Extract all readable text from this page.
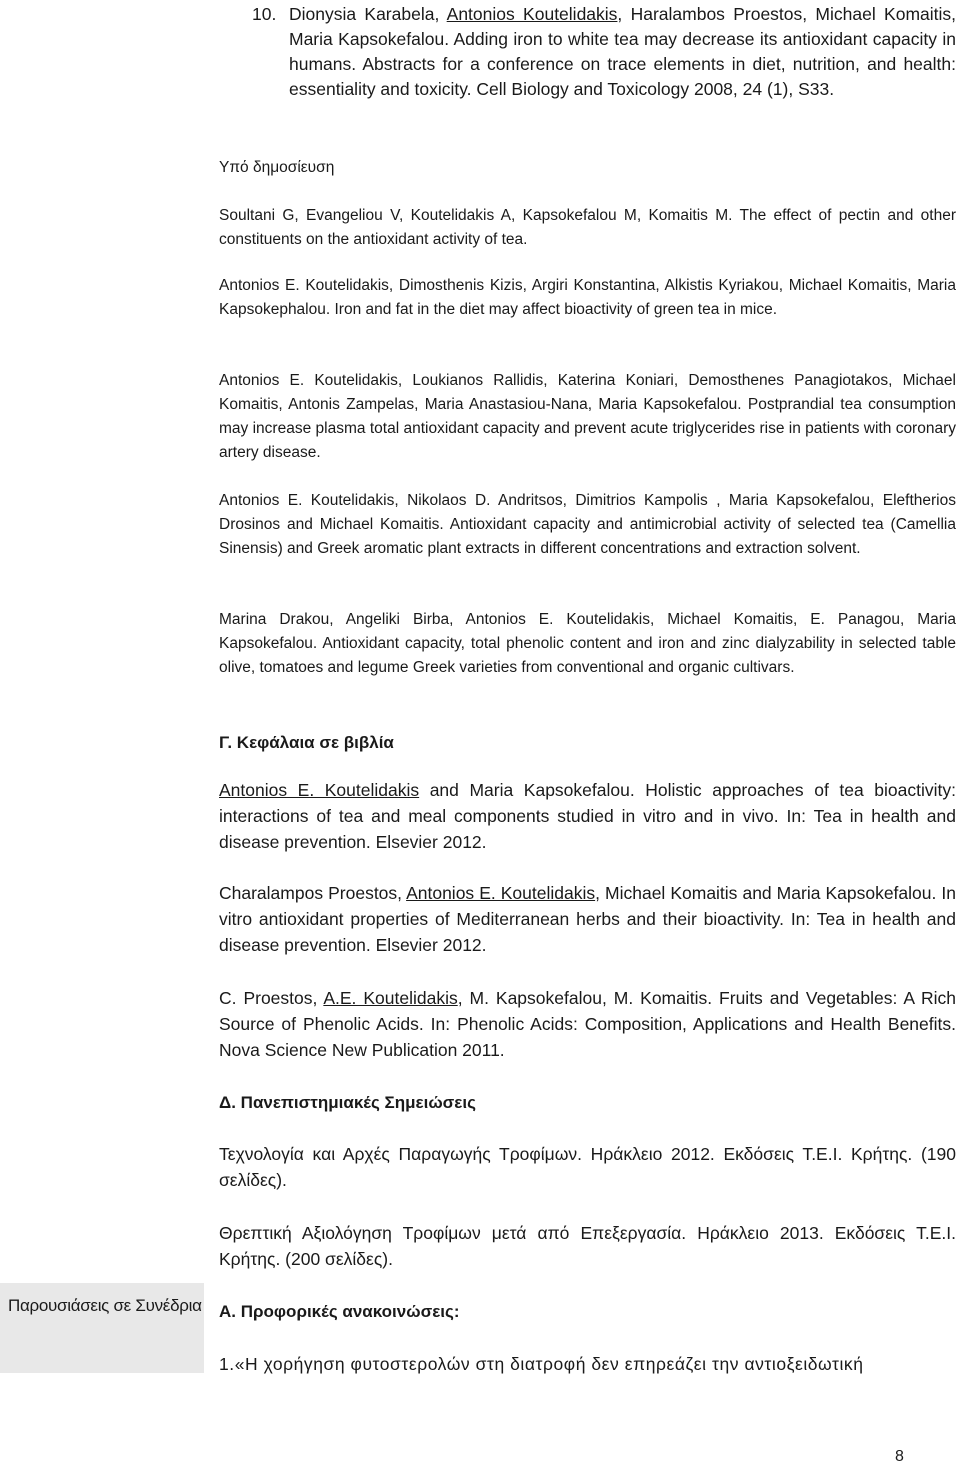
10. Dionysia Karabela, Antonios Koutelidakis, Haralambos Proestos, Michael Komaitis, Maria Kapsokefalou. Adding iron to white tea may decrease its antioxidant capacity in humans. Abstracts for a conference on trace elements in diet, nutrition, and health: essentiality and toxicity. Cell Biology and Toxicology 2008, 24 (1), S33.
Υπό δημοσίευση
Soultani G, Evangeliou V, Koutelidakis A, Kapsokefalou M, Komaitis M. The effect of pectin and other constituents on the antioxidant activity of tea.
Antonios E. Koutelidakis, Dimosthenis Kizis, Argiri Konstantina, Alkistis Kyriakou, Michael Komaitis, Maria Kapsokephalou. Iron and fat in the diet may affect bioactivity of green tea in mice.
Antonios E. Koutelidakis, Loukianos Rallidis, Katerina Koniari, Demosthenes Panagiotakos, Michael Komaitis, Antonis Zampelas, Maria Anastasiou-Nana, Maria Kapsokefalou. Postprandial tea consumption may increase plasma total antioxidant capacity and prevent acute triglycerides rise in patients with coronary artery disease.
Antonios E. Koutelidakis, Nikolaos D. Andritsos, Dimitrios Kampolis , Maria Kapsokefalou, Eleftherios Drosinos and Michael Komaitis. Antioxidant capacity and antimicrobial activity of selected tea (Camellia Sinensis) and Greek aromatic plant extracts in different concentrations and extraction solvent.
Marina Drakou, Angeliki Birba, Antonios E. Koutelidakis, Michael Komaitis, E. Panagou, Maria Kapsokefalou. Antioxidant capacity, total phenolic content and iron and zinc dialyzability in selected table olive, tomatoes and legume Greek varieties from conventional and organic cultivars.
Γ. Κεφάλαια σε βιβλία
Antonios E. Koutelidakis and Maria Kapsokefalou. Holistic approaches of tea bioactivity: interactions of tea and meal components studied in vitro and in vivo. In: Tea in health and disease prevention. Elsevier 2012.
Charalampos Proestos, Antonios E. Koutelidakis, Michael Komaitis and Maria Kapsokefalou. In vitro antioxidant properties of Mediterranean herbs and their bioactivity. In: Tea in health and disease prevention. Elsevier 2012.
C. Proestos, A.E. Koutelidakis, M. Kapsokefalou, M. Komaitis. Fruits and Vegetables: A Rich Source of Phenolic Acids. In: Phenolic Acids: Composition, Applications and Health Benefits. Nova Science New Publication 2011.
Δ. Πανεπιστημιακές Σημειώσεις
Τεχνολογία και Αρχές Παραγωγής Τροφίμων. Ηράκλειο 2012. Εκδόσεις Τ.Ε.Ι. Κρήτης. (190 σελίδες).
Θρεπτική Αξιολόγηση Τροφίμων μετά από Επεξεργασία. Ηράκλειο 2013. Εκδόσεις Τ.Ε.Ι. Κρήτης. (200 σελίδες).
Παρουσιάσεις σε Συνέδρια Α. Προφορικές ανακοινώσεις:
1.«Η χορήγηση φυτοστερολών στη διατροφή δεν επηρεάζει την αντιοξειδωτική
8
